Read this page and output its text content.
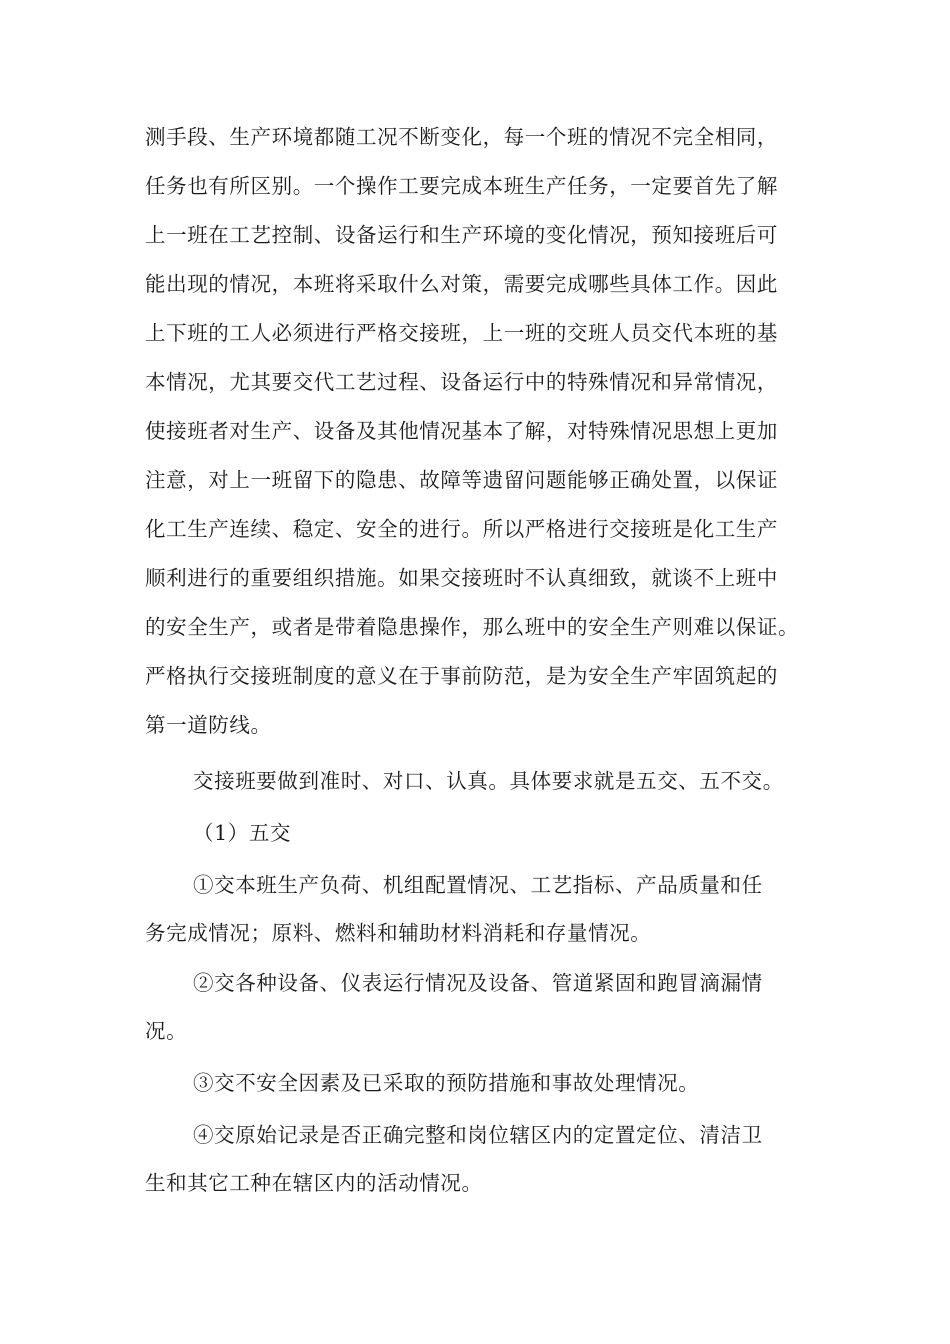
测手段、生产环境都随工况不断变化，每一个班的情况不完全相同，
任务也有所区别。一个操作工要完成本班生产任务，一定要首先了解
上一班在工艺控制、设备运行和生产环境的变化情况，预知接班后可
能出现的情况，本班将采取什么对策，需要完成哪些具体工作。因此
上下班的工人必须进行严格交接班，上一班的交班人员交代本班的基
本情况，尤其要交代工艺过程、设备运行中的特殊情况和异常情况，
使接班者对生产、设备及其他情况基本了解，对特殊情况思想上更加
注意，对上一班留下的隐患、故障等遗留问题能够正确处置，以保证
化工生产连续、稳定、安全的进行。所以严格进行交接班是化工生产
顺利进行的重要组织措施。如果交接班时不认真细致，就谈不上班中
的安全生产，或者是带着隐患操作，那么班中的安全生产则难以保证。
严格执行交接班制度的意义在于事前防范，是为安全生产牢固筑起的
第一道防线。
交接班要做到准时、对口、认真。具体要求就是五交、五不交。
（1）五交
①交本班生产负荷、机组配置情况、工艺指标、产品质量和任
务完成情况；原料、燃料和辅助材料消耗和存量情况。
②交各种设备、仪表运行情况及设备、管道紧固和跑冒滴漏情
况。
③交不安全因素及已采取的预防措施和事故处理情况。
④交原始记录是否正确完整和岗位辖区内的定置定位、清洁卫
生和其它工种在辖区内的活动情况。
